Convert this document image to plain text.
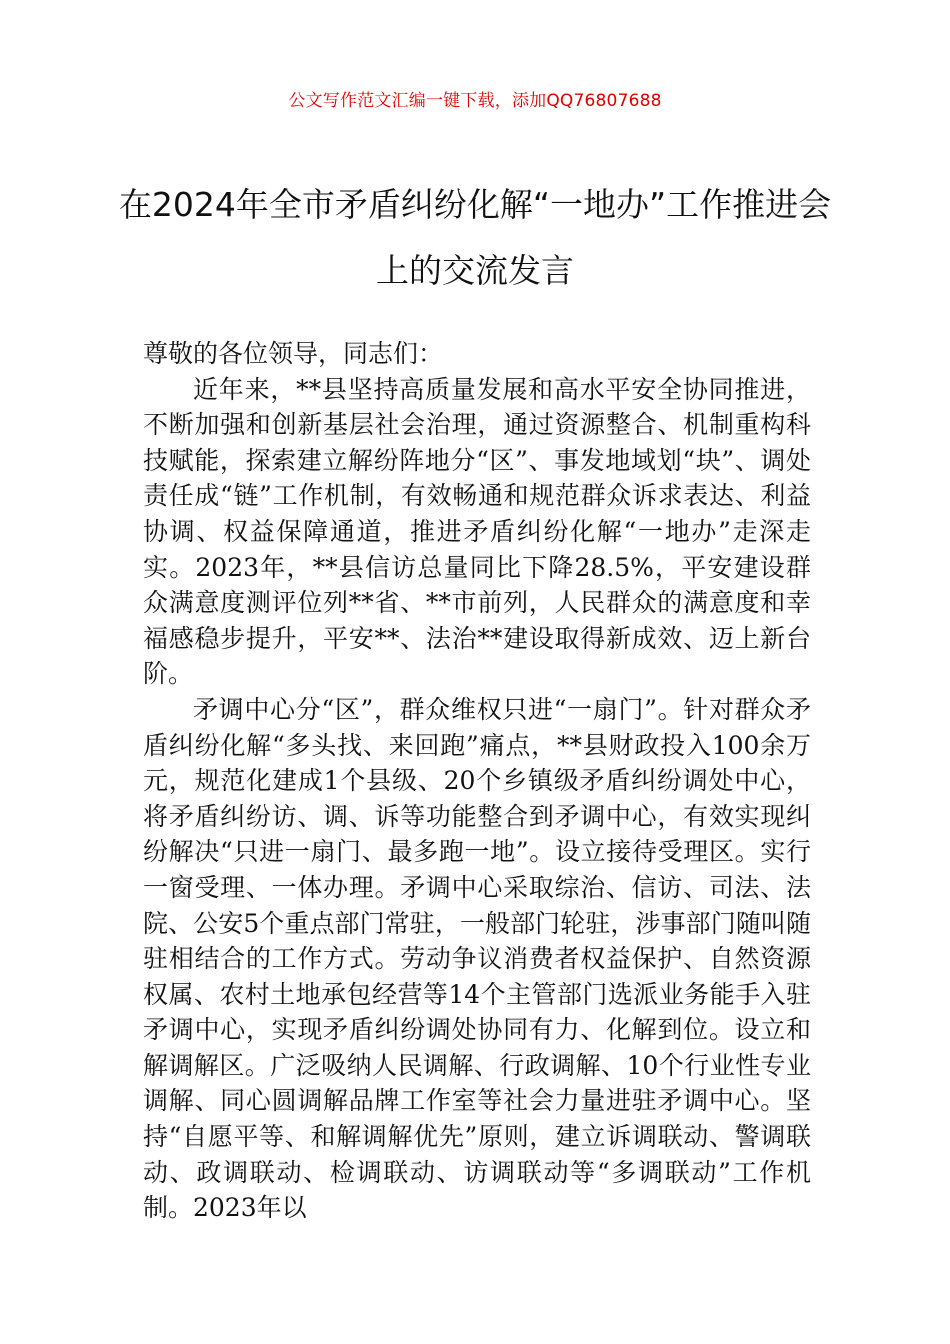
公文写作范文汇编一键下载，添加QQ76807688
在2024年全市矛盾纠纷化解“一地办”工作推进会上的交流发言

尊敬的各位领导，同志们：

近年来，**县坚持高质量发展和高水平安全协同推进，不断加强和创新基层社会治理，通过资源整合、机制重构科技赋能，探索建立解纷阵地分“区”、事发地域划“块”、调处责任成“链”工作机制，有效畅通和规范群众诉求表达、利益协调、权益保障通道，推进矛盾纠纷化解“一地办”走深走实。2023年，**县信访总量同比下降28.5%，平安建设群众满意度测评位列**省、**市前列，人民群众的满意度和幸福感稳步提升，平安**、法治**建设取得新成效、迈上新台阶。

矛调中心分“区”，群众维权只进“一扇门”。针对群众矛盾纠纷化解“多头找、来回跑”痛点，**县财政投入100余万元，规范化建成1个县级、20个乡镇级矛盾纠纷调处中心，将矛盾纠纷访、调、诉等功能整合到矛调中心，有效实现纠纷解决“只进一扇门、最多跑一地”。设立接待受理区。实行一窗受理、一体办理。矛调中心采取综治、信访、司法、法院、公安5个重点部门常驻，一般部门轮驻，涉事部门随叫随驻相结合的工作方式。劳动争议消费者权益保护、自然资源权属、农村土地承包经营等14个主管部门选派业务能手入驻矛调中心，实现矛盾纠纷调处协同有力、化解到位。设立和解调解区。广泛吸纳人民调解、行政调解、10个行业性专业调解、同心圆调解品牌工作室等社会力量进驻矛调中心。坚持“自愿平等、和解调解优先”原则，建立诉调联动、警调联动、政调联动、检调联动、访调联动等“多调联动”工作机制。2023年以
